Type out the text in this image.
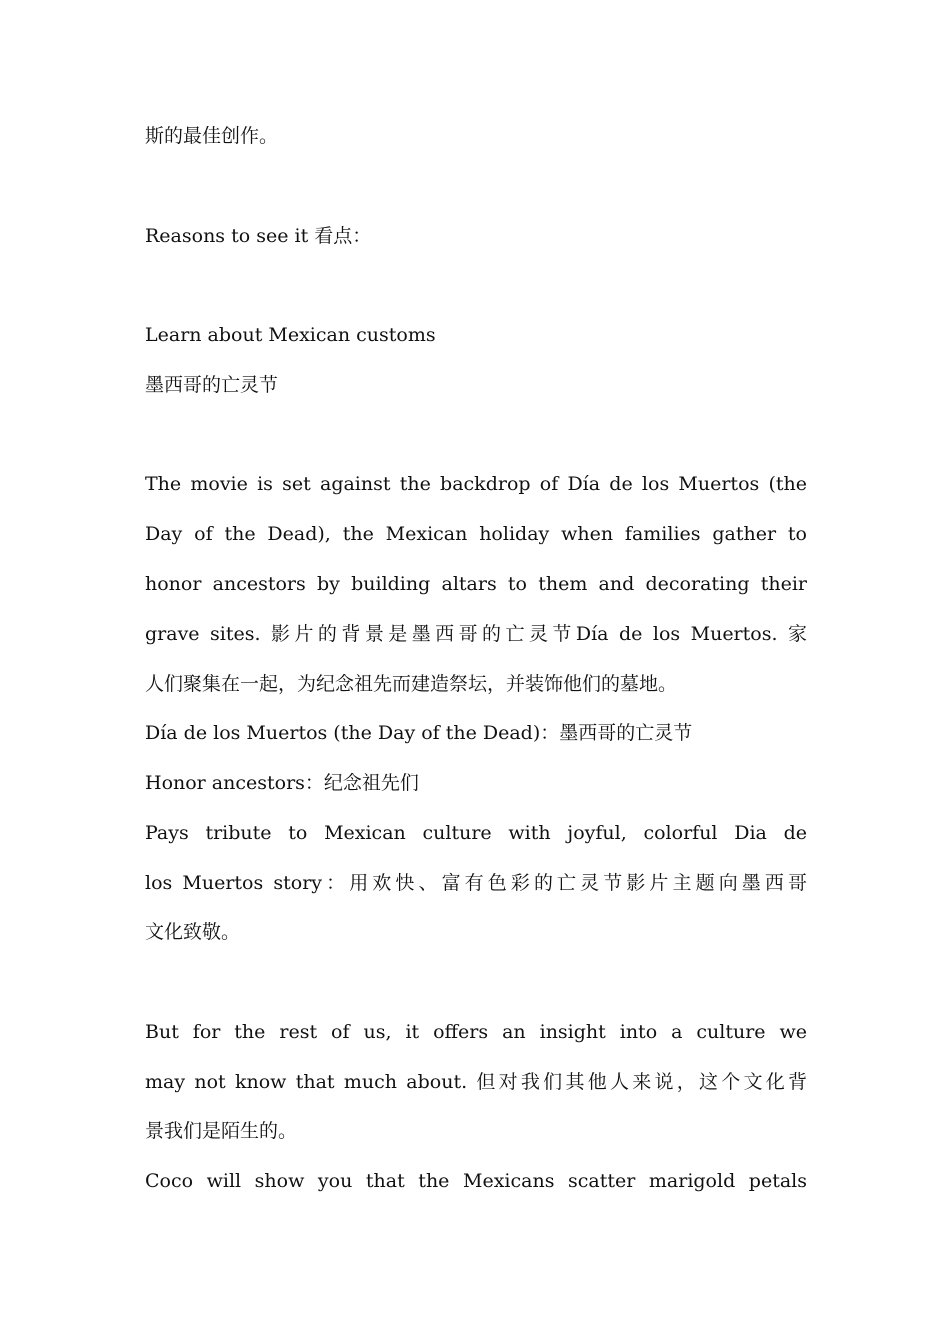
斯的最佳创作。

Reasons to see it 看点：

Learn about Mexican customs

墨西哥的亡灵节

The movie is set against the backdrop of Día de los Muertos (the

Day of the Dead), the Mexican holiday when families gather to

honor ancestors by building altars to them and decorating their

grave sites. 影片的背景是墨西哥的亡灵节Día de los Muertos. 家

人们聚集在一起，为纪念祖先而建造祭坛，并装饰他们的墓地。

Día de los Muertos (the Day of the Dead)：墨西哥的亡灵节

Honor ancestors：纪念祖先们

Pays tribute to Mexican culture with joyful, colorful Dia de

los Muertos story：用欢快、富有色彩的亡灵节影片主题向墨西哥

文化致敬。

But for the rest of us, it offers an insight into a culture we

may not know that much about. 但对我们其他人来说，这个文化背

景我们是陌生的。

Coco will show you that the Mexicans scatter marigold petals
